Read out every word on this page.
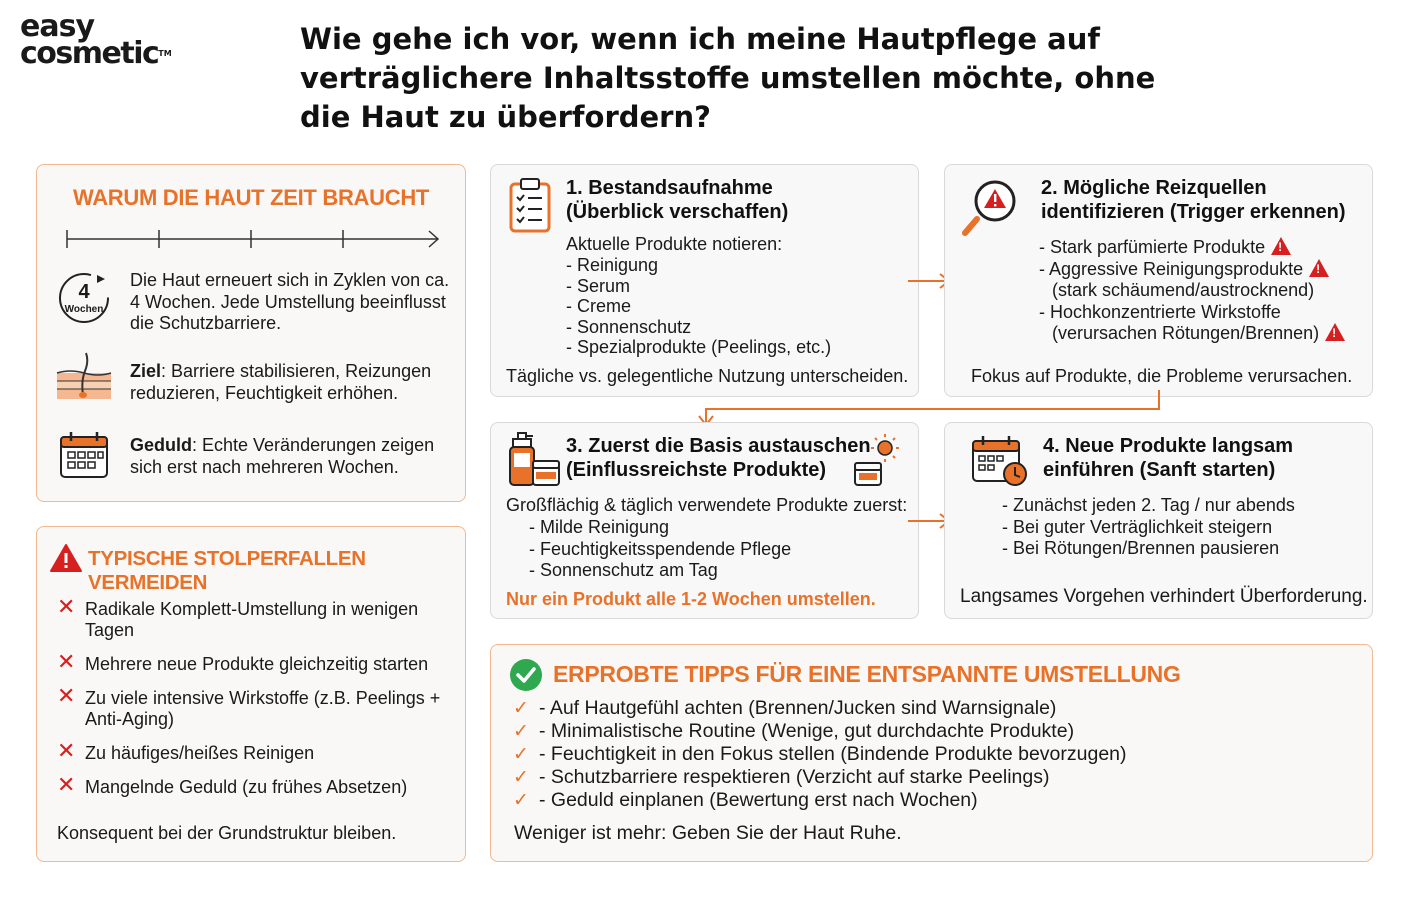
easy
cosmetic™	Wie gehe ich vor, wenn ich meine Hautpflege auf verträglichere Inhaltsstoffe umstellen möchte, ohne die Haut zu überfordern?
WARUM DIE HAUT ZEIT BRAUCHT
4
Wochen
Die Haut erneuert sich in Zyklen von ca. 4 Wochen. Jede Umstellung beeinflusst die Schutzbarriere.
Ziel: Barriere stabilisieren, Reizungen reduzieren, Feuchtigkeit erhöhen.
Geduld: Echte Veränderungen zeigen sich erst nach mehreren Wochen.
TYPISCHE STOLPERFALLEN VERMEIDEN
✕ Radikale Komplett-Umstellung in wenigen Tagen
✕ Mehrere neue Produkte gleichzeitig starten
✕ Zu viele intensive Wirkstoffe (z.B. Peelings + Anti-Aging)
✕ Zu häufiges/heißes Reinigen
✕ Mangelnde Geduld (zu frühes Absetzen)
Konsequent bei der Grundstruktur bleiben.
1. Bestandsaufnahme
(Überblick verschaffen)
Aktuelle Produkte notieren:
- Reinigung
- Serum
- Creme
- Sonnenschutz
- Spezialprodukte (Peelings, etc.)
Tägliche vs. gelegentliche Nutzung unterscheiden.
2. Mögliche Reizquellen
identifizieren (Trigger erkennen)
- Stark parfümierte Produkte!
- Aggressive Reinigungsprodukte!
(stark schäumend/austrocknend)
- Hochkonzentrierte Wirkstoffe
(verursachen Rötungen/Brennen)!
Fokus auf Produkte, die Probleme verursachen.
3. Zuerst die Basis austauschen
(Einflussreichste Produkte)
Großflächig & täglich verwendete Produkte zuerst:
- Milde Reinigung
- Feuchtigkeitsspendende Pflege
- Sonnenschutz am Tag
Nur ein Produkt alle 1-2 Wochen umstellen.
4. Neue Produkte langsam
einführen (Sanft starten)
- Zunächst jeden 2. Tag / nur abends
- Bei guter Verträglichkeit steigern
- Bei Rötungen/Brennen pausieren
Langsames Vorgehen verhindert Überforderung.
ERPROBTE TIPPS FÜR EINE ENTSPANNTE UMSTELLUNG
✓ - Auf Hautgefühl achten (Brennen/Jucken sind Warnsignale)
✓ - Minimalistische Routine (Wenige, gut durchdachte Produkte)
✓ - Feuchtigkeit in den Fokus stellen (Bindende Produkte bevorzugen)
✓ - Schutzbarriere respektieren (Verzicht auf starke Peelings)
✓ - Geduld einplanen (Bewertung erst nach Wochen)
Weniger ist mehr: Geben Sie der Haut Ruhe.
